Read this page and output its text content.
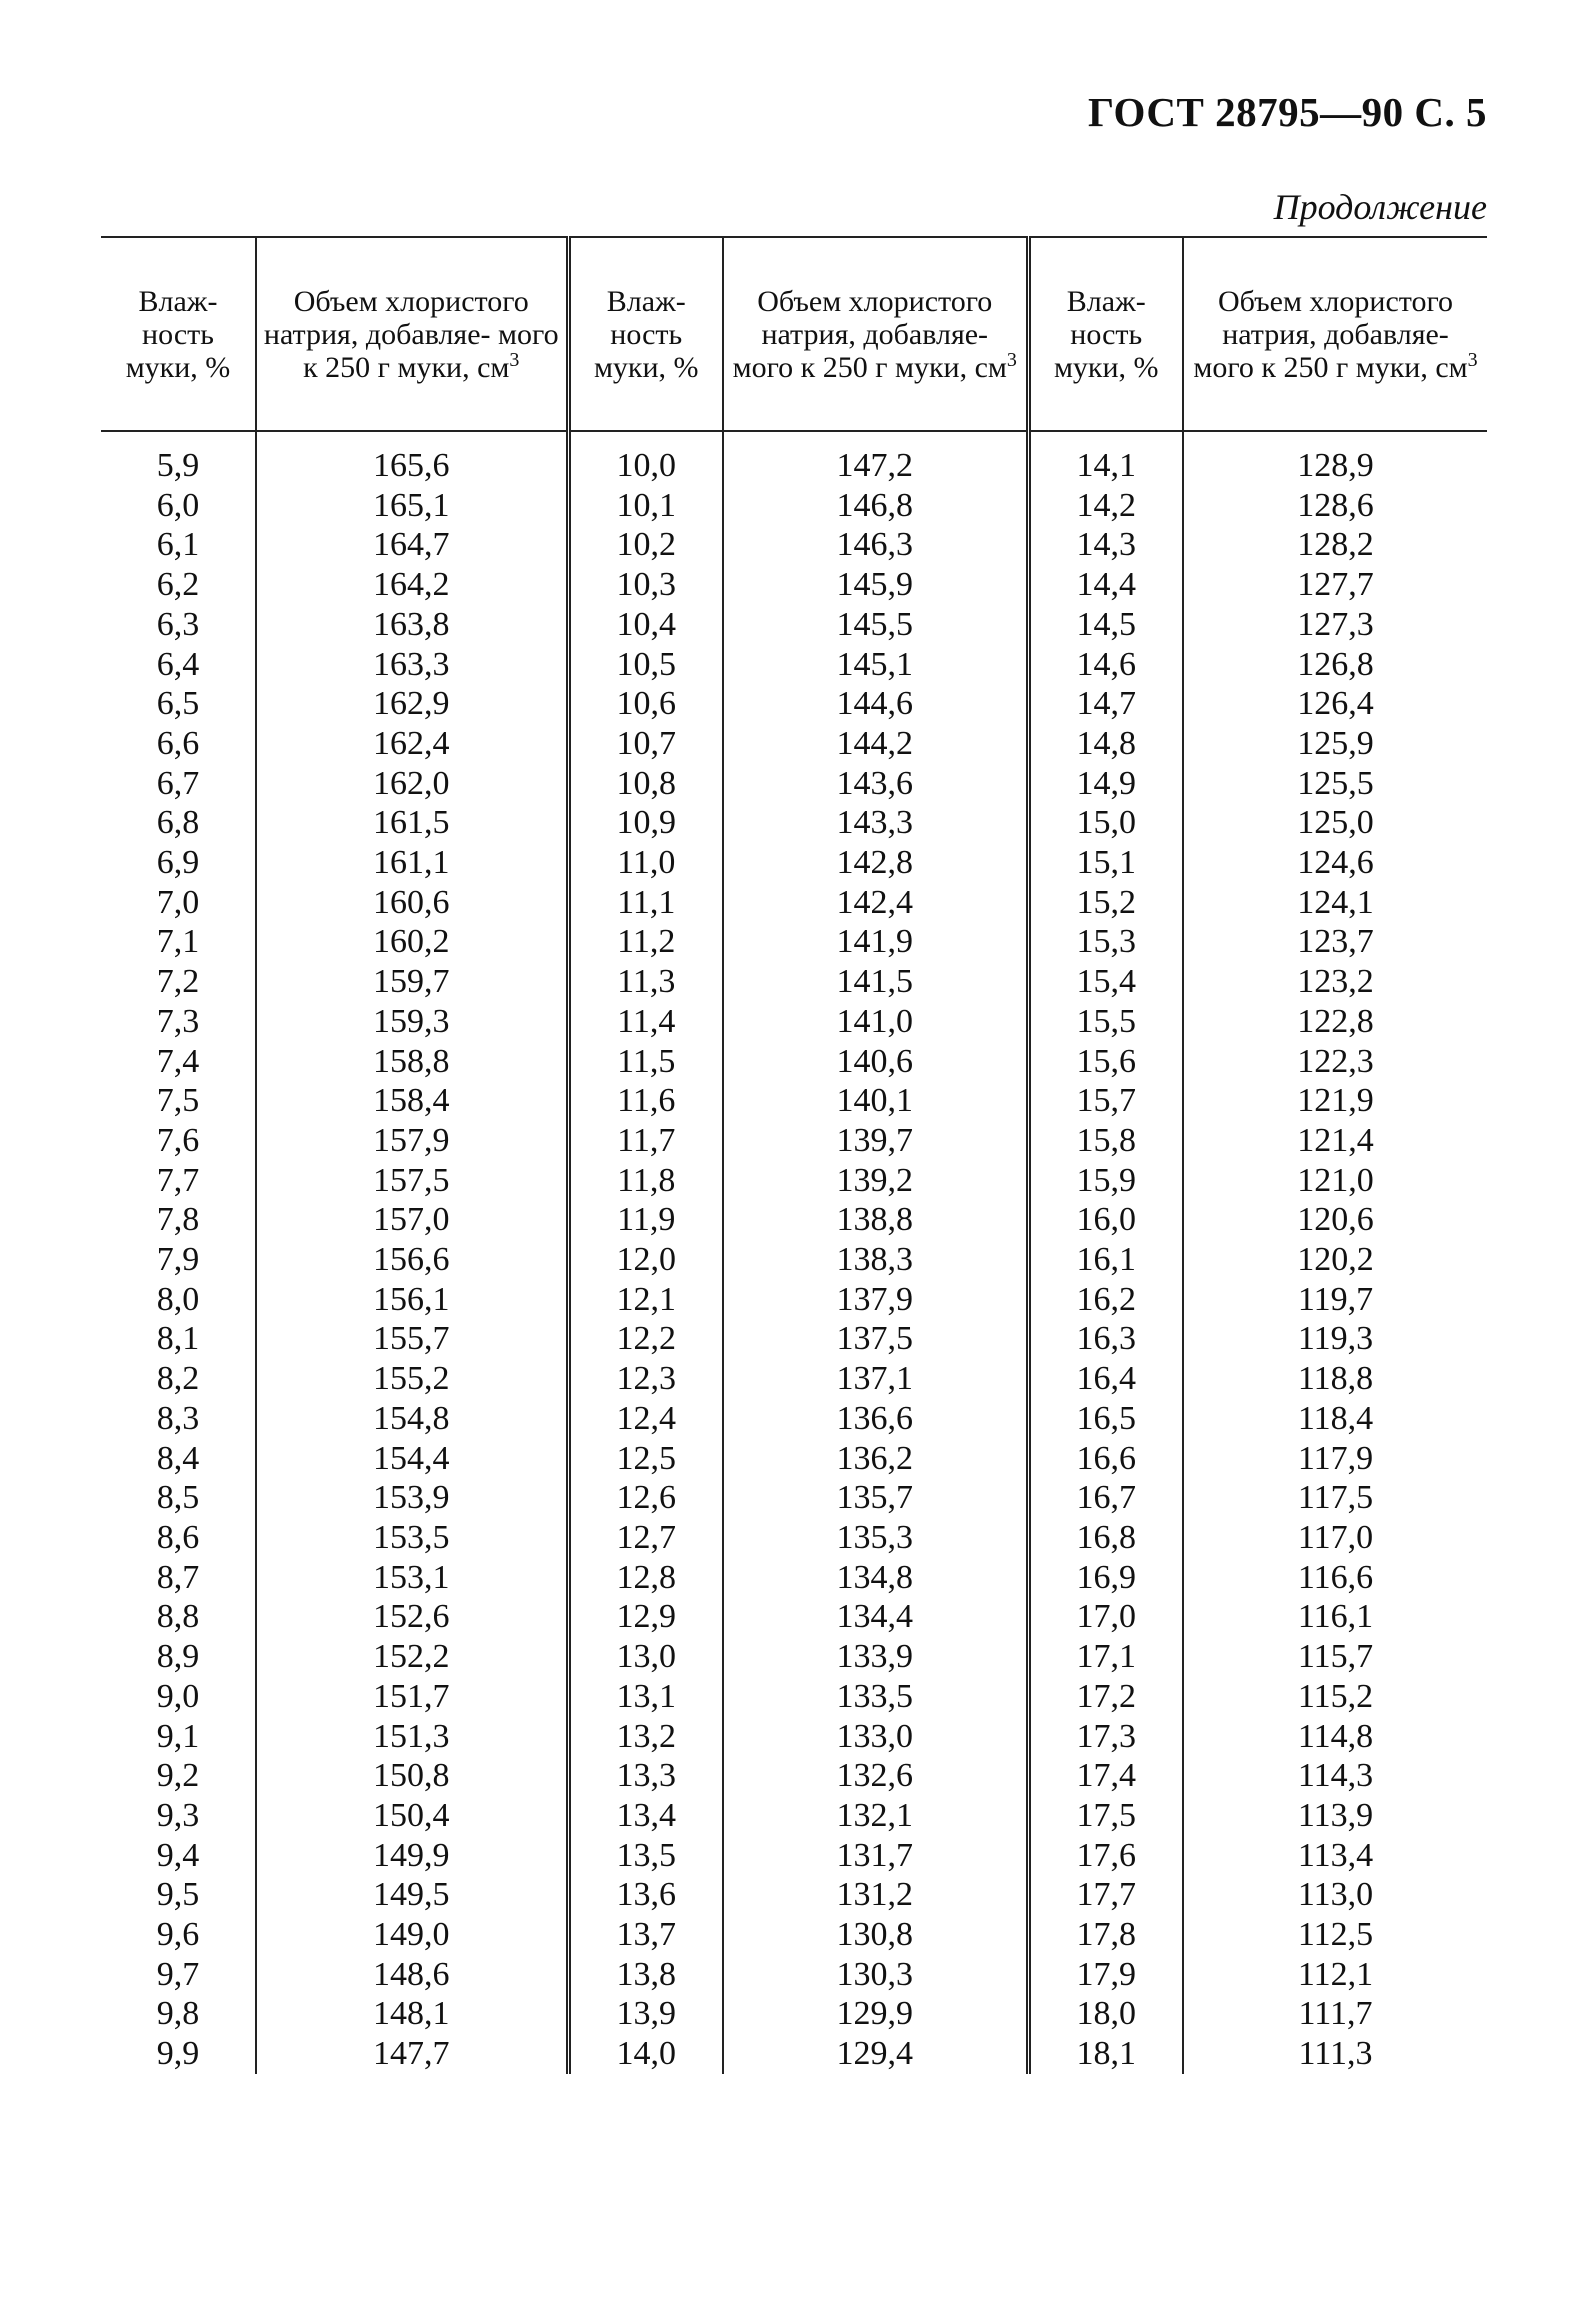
ГОСТ 28795—90 С. 5
Продолжение
Влаж- ность муки, %	Объем хлористого натрия, добавляе- мого к 250 г муки, $см^3$	Влаж- ность муки, %	Объем хлористого натрия, добавляе- мого к 250 г муки, $см^3$	Влаж- ность муки, %	Объем хлористого натрия, добавляе- мого к 250 г муки, $см^3$
5,9	165,6	10,0	147,2	14,1	128,9
6,0	165,1	10,1	146,8	14,2	128,6
6,1	164,7	10,2	146,3	14,3	128,2
6,2	164,2	10,3	145,9	14,4	127,7
6,3	163,8	10,4	145,5	14,5	127,3
6,4	163,3	10,5	145,1	14,6	126,8
6,5	162,9	10,6	144,6	14,7	126,4
6,6	162,4	10,7	144,2	14,8	125,9
6,7	162,0	10,8	143,6	14,9	125,5
6,8	161,5	10,9	143,3	15,0	125,0
6,9	161,1	11,0	142,8	15,1	124,6
7,0	160,6	11,1	142,4	15,2	124,1
7,1	160,2	11,2	141,9	15,3	123,7
7,2	159,7	11,3	141,5	15,4	123,2
7,3	159,3	11,4	141,0	15,5	122,8
7,4	158,8	11,5	140,6	15,6	122,3
7,5	158,4	11,6	140,1	15,7	121,9
7,6	157,9	11,7	139,7	15,8	121,4
7,7	157,5	11,8	139,2	15,9	121,0
7,8	157,0	11,9	138,8	16,0	120,6
7,9	156,6	12,0	138,3	16,1	120,2
8,0	156,1	12,1	137,9	16,2	119,7
8,1	155,7	12,2	137,5	16,3	119,3
8,2	155,2	12,3	137,1	16,4	118,8
8,3	154,8	12,4	136,6	16,5	118,4
8,4	154,4	12,5	136,2	16,6	117,9
8,5	153,9	12,6	135,7	16,7	117,5
8,6	153,5	12,7	135,3	16,8	117,0
8,7	153,1	12,8	134,8	16,9	116,6
8,8	152,6	12,9	134,4	17,0	116,1
8,9	152,2	13,0	133,9	17,1	115,7
9,0	151,7	13,1	133,5	17,2	115,2
9,1	151,3	13,2	133,0	17,3	114,8
9,2	150,8	13,3	132,6	17,4	114,3
9,3	150,4	13,4	132,1	17,5	113,9
9,4	149,9	13,5	131,7	17,6	113,4
9,5	149,5	13,6	131,2	17,7	113,0
9,6	149,0	13,7	130,8	17,8	112,5
9,7	148,6	13,8	130,3	17,9	112,1
9,8	148,1	13,9	129,9	18,0	111,7
9,9	147,7	14,0	129,4	18,1	111,3
